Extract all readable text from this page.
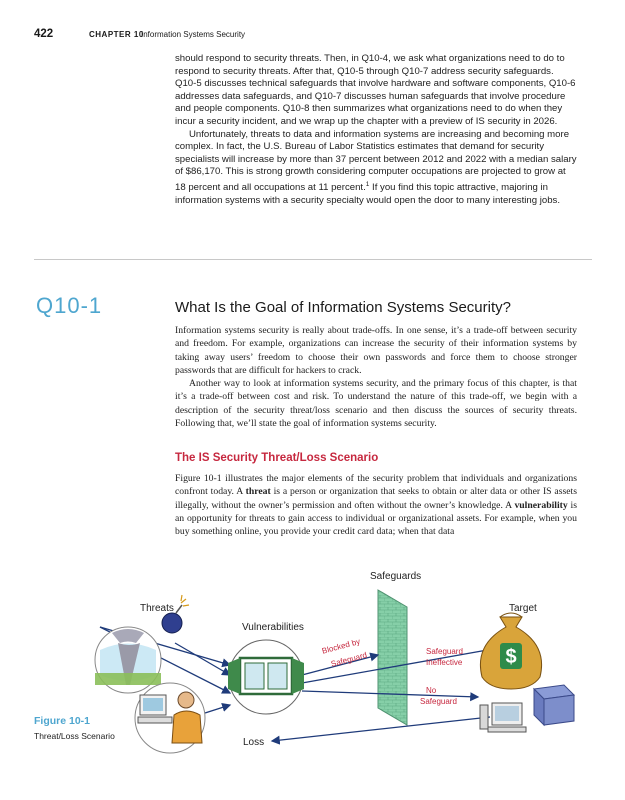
422	CHAPTER 10
Information Systems Security

should respond to security threats. Then, in Q10-4, we ask what organizations need to do to respond to security threats. After that, Q10-5 through Q10-7 address security safeguards. Q10-5 discusses technical safeguards that involve hardware and software components, Q10-6 addresses data safeguards, and Q10-7 discusses human safeguards that involve procedure and people components. Q10-8 then summarizes what organizations need to do when they incur a security incident, and we wrap up the chapter with a preview of IS security in 2026.

Unfortunately, threats to data and information systems are increasing and becoming more complex. In fact, the U.S. Bureau of Labor Statistics estimates that demand for security specialists will increase by more than 37 percent between 2012 and 2022 with a median salary of $86,170. This is strong growth considering computer occupations are projected to grow at 18 percent and all occupations at 11 percent.$^1$ If you find this topic attractive, majoring in information systems with a security specialty would open the door to many interesting jobs.

Q10-1	What Is the Goal of Information Systems Security?

Information systems security is really about trade-offs. In one sense, it’s a trade-off between security and freedom. For example, organizations can increase the security of their information systems by taking away users’ freedom to choose their own passwords and force them to choose stronger passwords that are difficult for hackers to crack.

Another way to look at information systems security, and the primary focus of this chapter, is that it’s a trade-off between cost and risk. To understand the nature of this trade-off, we begin with a description of the security threat/loss scenario and then discuss the sources of security threats. Following that, we’ll state the goal of information systems security.

The IS Security Threat/Loss Scenario

Figure 10-1 illustrates the major elements of the security problem that individuals and organizations confront today. A threat is a person or organization that seeks to obtain or alter data or other IS assets illegally, without the owner’s permission and often without the owner’s knowledge. A vulnerability is an opportunity for threats to gain access to individual or organizational assets. For example, when you buy something online, you provide your credit card data; when that data

$
Safeguards
Threats	Target
Vulnerabilities
Blocked by
Safeguard	Safeguard
Ineffective
No
Safeguard
Loss
Figure 10-1
Threat/Loss Scenario
